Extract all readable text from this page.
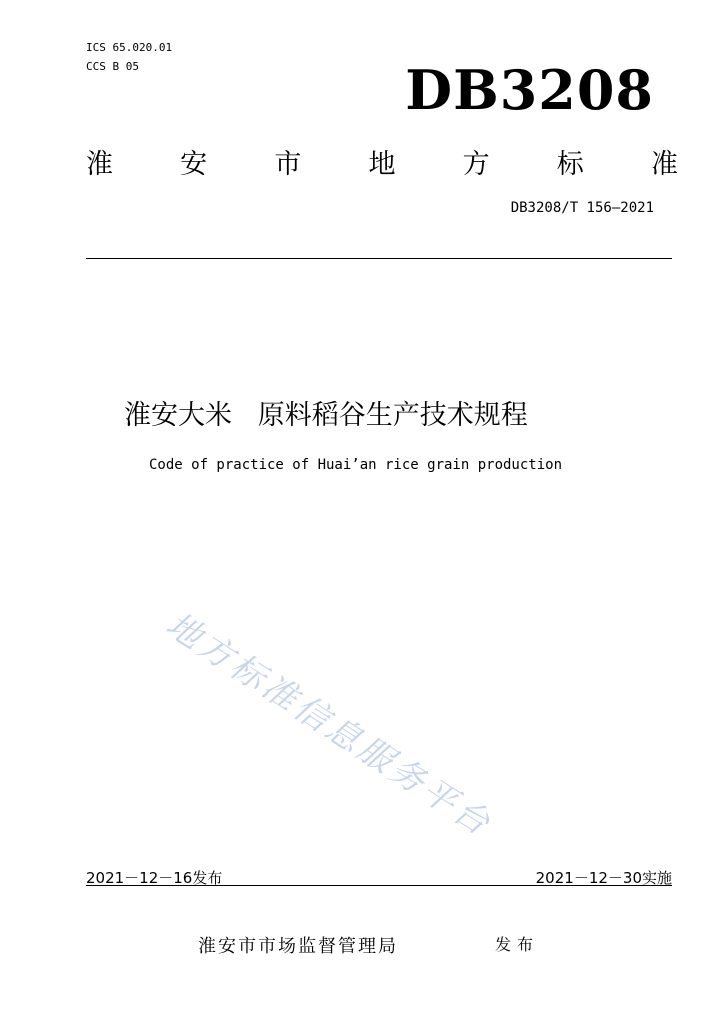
ICS 65.020.01
CCS B 05	DB3208
淮 安 市 地 方 标 准
DB3208/T 156—2021
淮安大米   原料稻谷生产技术规程
Code of practice of Huai’an rice grain production
地方标准信息服务平台
2021－12－16发布	2021－12－30实施
淮安市市场监督管理局	发布
